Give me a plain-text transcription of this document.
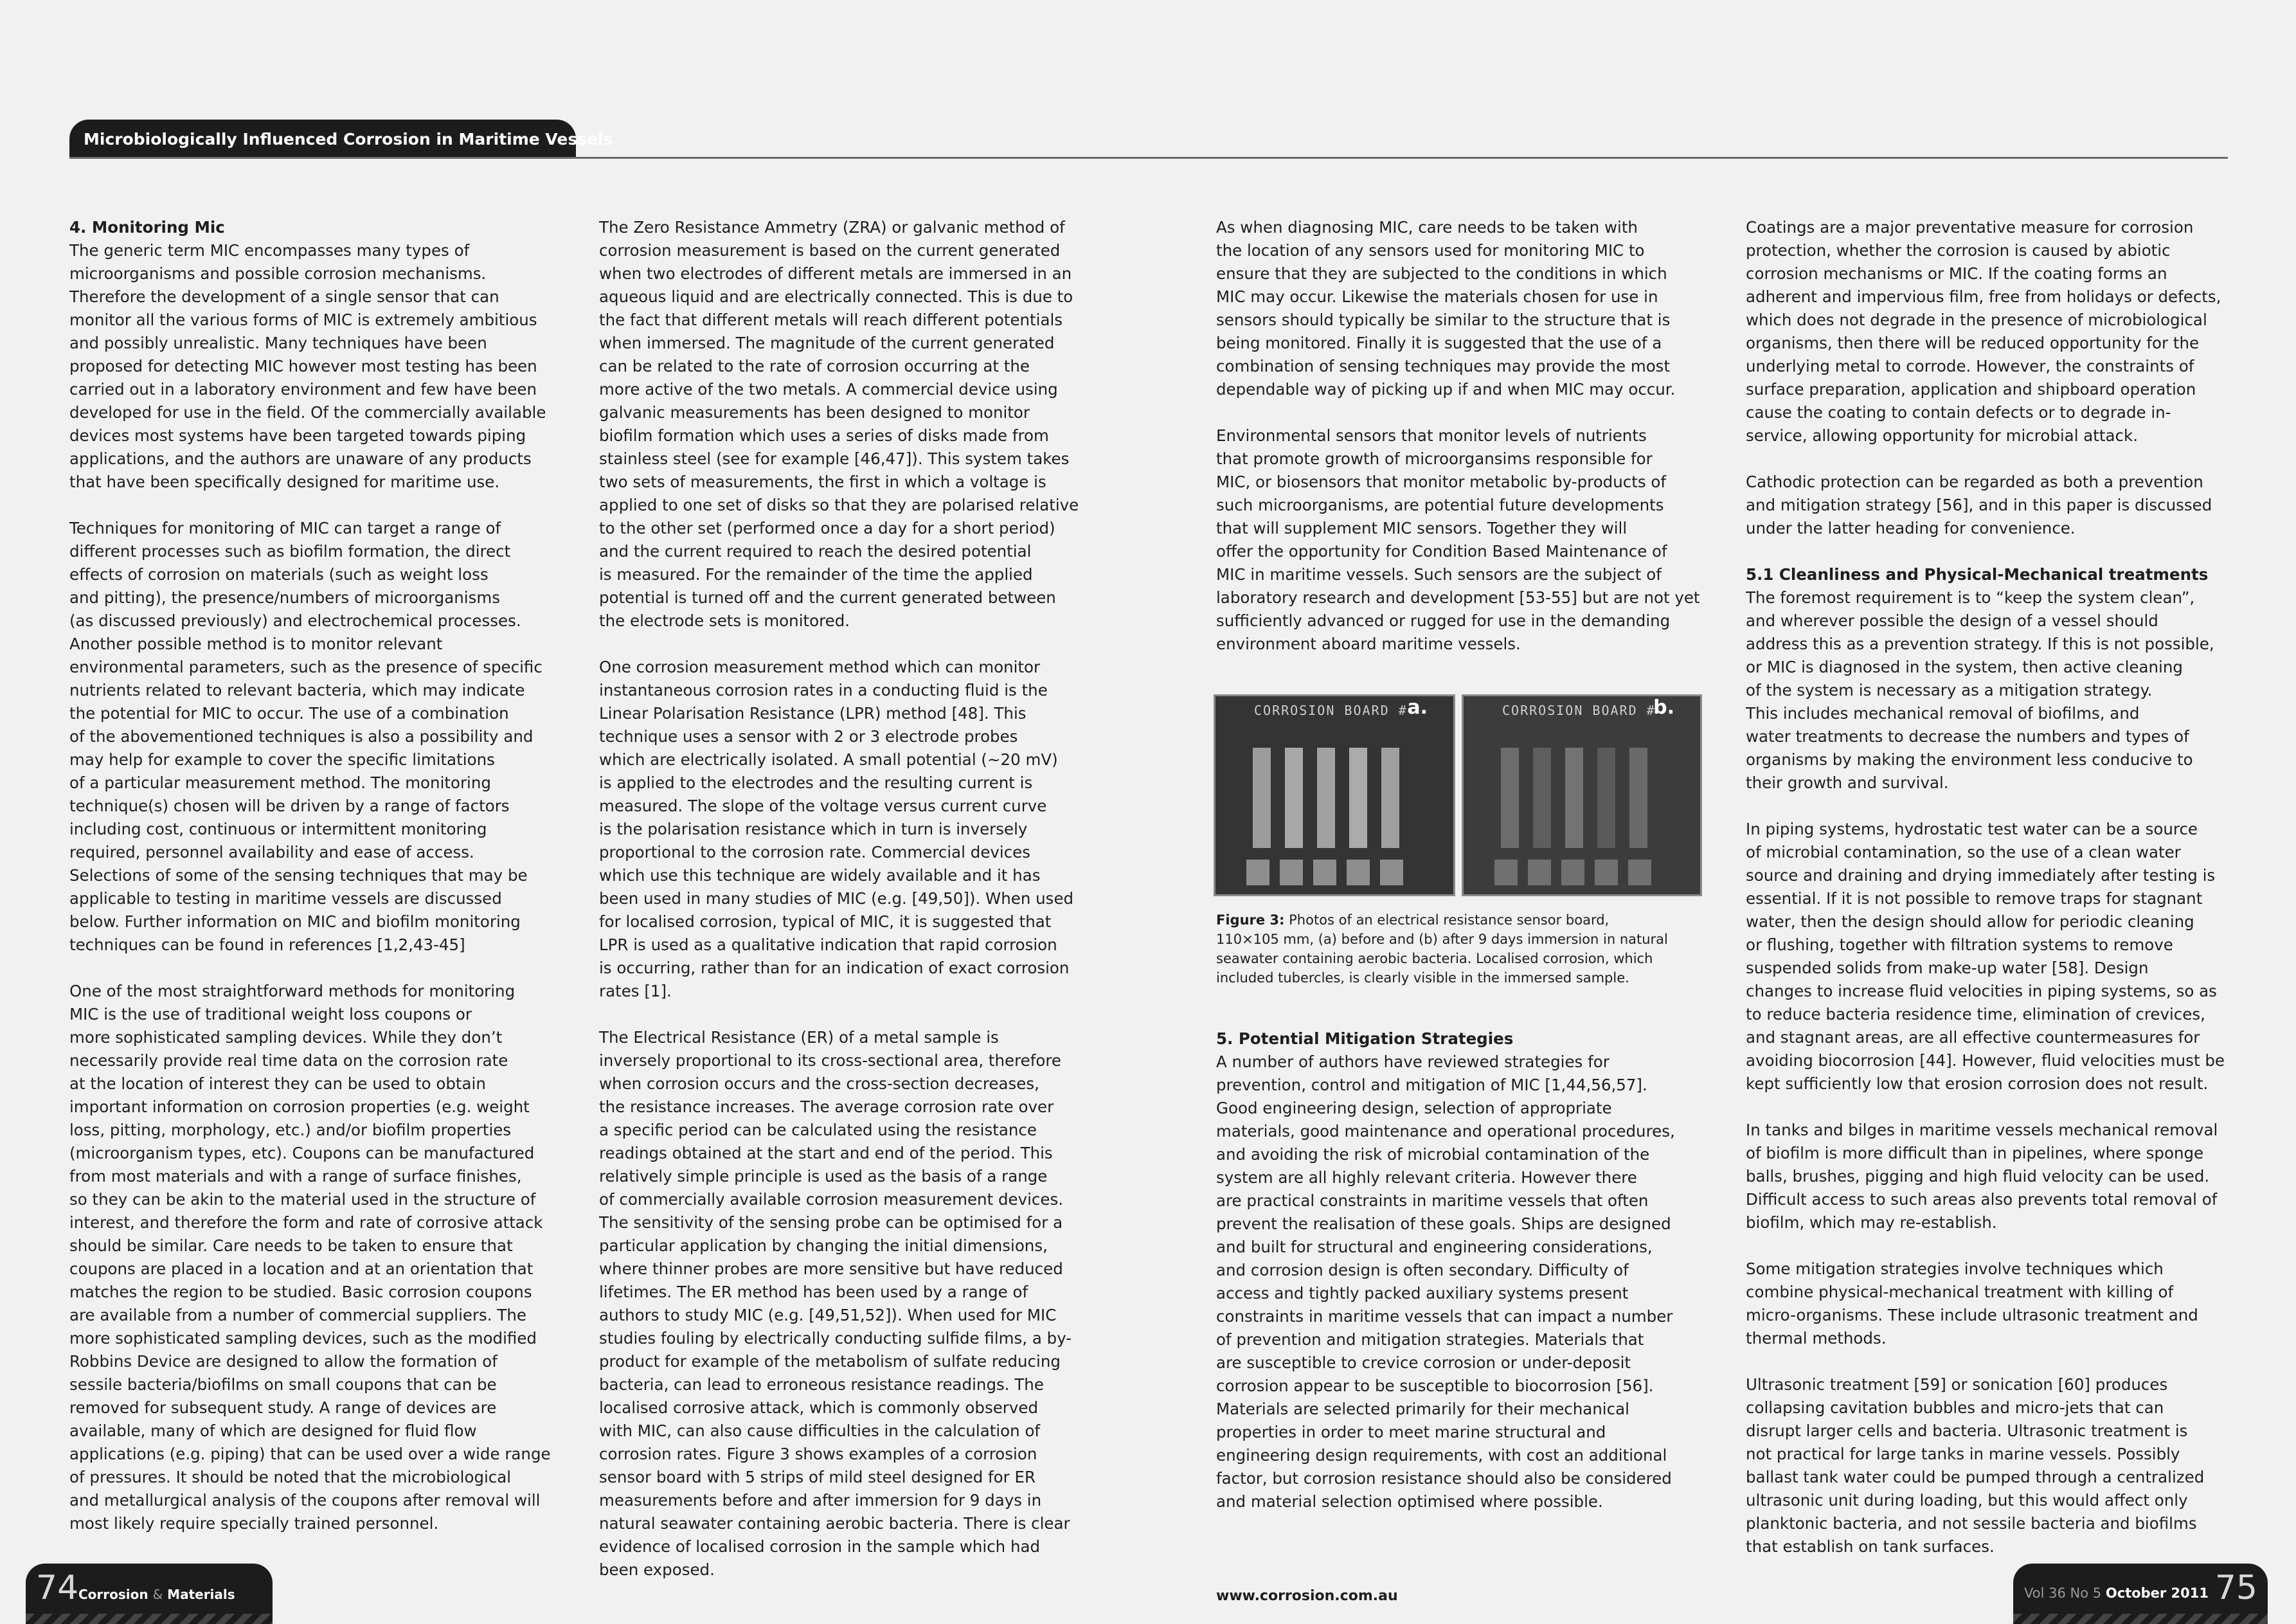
Microbiologically Influenced Corrosion in Maritime Vessels
4. Monitoring Mic

The generic term MIC encompasses many types of
microorganisms and possible corrosion mechanisms.
Therefore the development of a single sensor that can
monitor all the various forms of MIC is extremely ambitious
and possibly unrealistic. Many techniques have been
proposed for detecting MIC however most testing has been
carried out in a laboratory environment and few have been
developed for use in the field. Of the commercially available
devices most systems have been targeted towards piping
applications, and the authors are unaware of any products
that have been specifically designed for maritime use.

Techniques for monitoring of MIC can target a range of
different processes such as biofilm formation, the direct
effects of corrosion on materials (such as weight loss
and pitting), the presence/numbers of microorganisms
(as discussed previously) and electrochemical processes.
Another possible method is to monitor relevant
environmental parameters, such as the presence of specific
nutrients related to relevant bacteria, which may indicate
the potential for MIC to occur. The use of a combination
of the abovementioned techniques is also a possibility and
may help for example to cover the specific limitations
of a particular measurement method. The monitoring
technique(s) chosen will be driven by a range of factors
including cost, continuous or intermittent monitoring
required, personnel availability and ease of access.
Selections of some of the sensing techniques that may be
applicable to testing in maritime vessels are discussed
below. Further information on MIC and biofilm monitoring
techniques can be found in references [1,2,43-45]

One of the most straightforward methods for monitoring
MIC is the use of traditional weight loss coupons or
more sophisticated sampling devices. While they don’t
necessarily provide real time data on the corrosion rate
at the location of interest they can be used to obtain
important information on corrosion properties (e.g. weight
loss, pitting, morphology, etc.) and/or biofilm properties
(microorganism types, etc). Coupons can be manufactured
from most materials and with a range of surface finishes,
so they can be akin to the material used in the structure of
interest, and therefore the form and rate of corrosive attack
should be similar. Care needs to be taken to ensure that
coupons are placed in a location and at an orientation that
matches the region to be studied. Basic corrosion coupons
are available from a number of commercial suppliers. The
more sophisticated sampling devices, such as the modified
Robbins Device are designed to allow the formation of
sessile bacteria/biofilms on small coupons that can be
removed for subsequent study. A range of devices are
available, many of which are designed for fluid flow
applications (e.g. piping) that can be used over a wide range
of pressures. It should be noted that the microbiological
and metallurgical analysis of the coupons after removal will
most likely require specially trained personnel.

The Zero Resistance Ammetry (ZRA) or galvanic method of
corrosion measurement is based on the current generated
when two electrodes of different metals are immersed in an
aqueous liquid and are electrically connected. This is due to
the fact that different metals will reach different potentials
when immersed. The magnitude of the current generated
can be related to the rate of corrosion occurring at the
more active of the two metals. A commercial device using
galvanic measurements has been designed to monitor
biofilm formation which uses a series of disks made from
stainless steel (see for example [46,47]). This system takes
two sets of measurements, the first in which a voltage is
applied to one set of disks so that they are polarised relative
to the other set (performed once a day for a short period)
and the current required to reach the desired potential
is measured. For the remainder of the time the applied
potential is turned off and the current generated between
the electrode sets is monitored.

One corrosion measurement method which can monitor
instantaneous corrosion rates in a conducting fluid is the
Linear Polarisation Resistance (LPR) method [48]. This
technique uses a sensor with 2 or 3 electrode probes
which are electrically isolated. A small potential (~20 mV)
is applied to the electrodes and the resulting current is
measured. The slope of the voltage versus current curve
is the polarisation resistance which in turn is inversely
proportional to the corrosion rate. Commercial devices
which use this technique are widely available and it has
been used in many studies of MIC (e.g. [49,50]). When used
for localised corrosion, typical of MIC, it is suggested that
LPR is used as a qualitative indication that rapid corrosion
is occurring, rather than for an indication of exact corrosion
rates [1].

The Electrical Resistance (ER) of a metal sample is
inversely proportional to its cross-sectional area, therefore
when corrosion occurs and the cross-section decreases,
the resistance increases. The average corrosion rate over
a specific period can be calculated using the resistance
readings obtained at the start and end of the period. This
relatively simple principle is used as the basis of a range
of commercially available corrosion measurement devices.
The sensitivity of the sensing probe can be optimised for a
particular application by changing the initial dimensions,
where thinner probes are more sensitive but have reduced
lifetimes. The ER method has been used by a range of
authors to study MIC (e.g. [49,51,52]). When used for MIC
studies fouling by electrically conducting sulfide films, a by-
product for example of the metabolism of sulfate reducing
bacteria, can lead to erroneous resistance readings. The
localised corrosive attack, which is commonly observed
with MIC, can also cause difficulties in the calculation of
corrosion rates. Figure 3 shows examples of a corrosion
sensor board with 5 strips of mild steel designed for ER
measurements before and after immersion for 9 days in
natural seawater containing aerobic bacteria. There is clear
evidence of localised corrosion in the sample which had
been exposed.

As when diagnosing MIC, care needs to be taken with
the location of any sensors used for monitoring MIC to
ensure that they are subjected to the conditions in which
MIC may occur. Likewise the materials chosen for use in
sensors should typically be similar to the structure that is
being monitored. Finally it is suggested that the use of a
combination of sensing techniques may provide the most
dependable way of picking up if and when MIC may occur.

Environmental sensors that monitor levels of nutrients
that promote growth of microorgansims responsible for
MIC, or biosensors that monitor metabolic by-products of
such microorganisms, are potential future developments
that will supplement MIC sensors. Together they will
offer the opportunity for Condition Based Maintenance of
MIC in maritime vessels. Such sensors are the subject of
laboratory research and development [53-55] but are not yet
sufficiently advanced or rugged for use in the demanding
environment aboard maritime vessels.

CORROSION BOARD # a.	CORROSION BOARD #
b.
Figure 3: Photos of an electrical resistance sensor board,
110×105 mm, (a) before and (b) after 9 days immersion in natural
seawater containing aerobic bacteria. Localised corrosion, which
included tubercles, is clearly visible in the immersed sample.
5. Potential Mitigation Strategies

A number of authors have reviewed strategies for
prevention, control and mitigation of MIC [1,44,56,57].
Good engineering design, selection of appropriate
materials, good maintenance and operational procedures,
and avoiding the risk of microbial contamination of the
system are all highly relevant criteria. However there
are practical constraints in maritime vessels that often
prevent the realisation of these goals. Ships are designed
and built for structural and engineering considerations,
and corrosion design is often secondary. Difficulty of
access and tightly packed auxiliary systems present
constraints in maritime vessels that can impact a number
of prevention and mitigation strategies. Materials that
are susceptible to crevice corrosion or under-deposit
corrosion appear to be susceptible to biocorrosion [56].
Materials are selected primarily for their mechanical
properties in order to meet marine structural and
engineering design requirements, with cost an additional
factor, but corrosion resistance should also be considered
and material selection optimised where possible.

Coatings are a major preventative measure for corrosion
protection, whether the corrosion is caused by abiotic
corrosion mechanisms or MIC. If the coating forms an
adherent and impervious film, free from holidays or defects,
which does not degrade in the presence of microbiological
organisms, then there will be reduced opportunity for the
underlying metal to corrode. However, the constraints of
surface preparation, application and shipboard operation
cause the coating to contain defects or to degrade in-
service, allowing opportunity for microbial attack.

Cathodic protection can be regarded as both a prevention
and mitigation strategy [56], and in this paper is discussed
under the latter heading for convenience.

5.1 Cleanliness and Physical-Mechanical treatments

The foremost requirement is to “keep the system clean”,
and wherever possible the design of a vessel should
address this as a prevention strategy. If this is not possible,
or MIC is diagnosed in the system, then active cleaning
of the system is necessary as a mitigation strategy.
This includes mechanical removal of biofilms, and
water treatments to decrease the numbers and types of
organisms by making the environment less conducive to
their growth and survival.

In piping systems, hydrostatic test water can be a source
of microbial contamination, so the use of a clean water
source and draining and drying immediately after testing is
essential. If it is not possible to remove traps for stagnant
water, then the design should allow for periodic cleaning
or flushing, together with filtration systems to remove
suspended solids from make-up water [58]. Design
changes to increase fluid velocities in piping systems, so as
to reduce bacteria residence time, elimination of crevices,
and stagnant areas, are all effective countermeasures for
avoiding biocorrosion [44]. However, fluid velocities must be
kept sufficiently low that erosion corrosion does not result.

In tanks and bilges in maritime vessels mechanical removal
of biofilm is more difficult than in pipelines, where sponge
balls, brushes, pigging and high fluid velocity can be used.
Difficult access to such areas also prevents total removal of
biofilm, which may re-establish.

Some mitigation strategies involve techniques which
combine physical-mechanical treatment with killing of
micro-organisms. These include ultrasonic treatment and
thermal methods.

Ultrasonic treatment [59] or sonication [60] produces
collapsing cavitation bubbles and micro-jets that can
disrupt larger cells and bacteria. Ultrasonic treatment is
not practical for large tanks in marine vessels. Possibly
ballast tank water could be pumped through a centralized
ultrasonic unit during loading, but this would affect only
planktonic bacteria, and not sessile bacteria and biofilms
that establish on tank surfaces.

74 Corrosion & Materials	www.corrosion.com.au	Vol 36 No 5 October 2011 75
